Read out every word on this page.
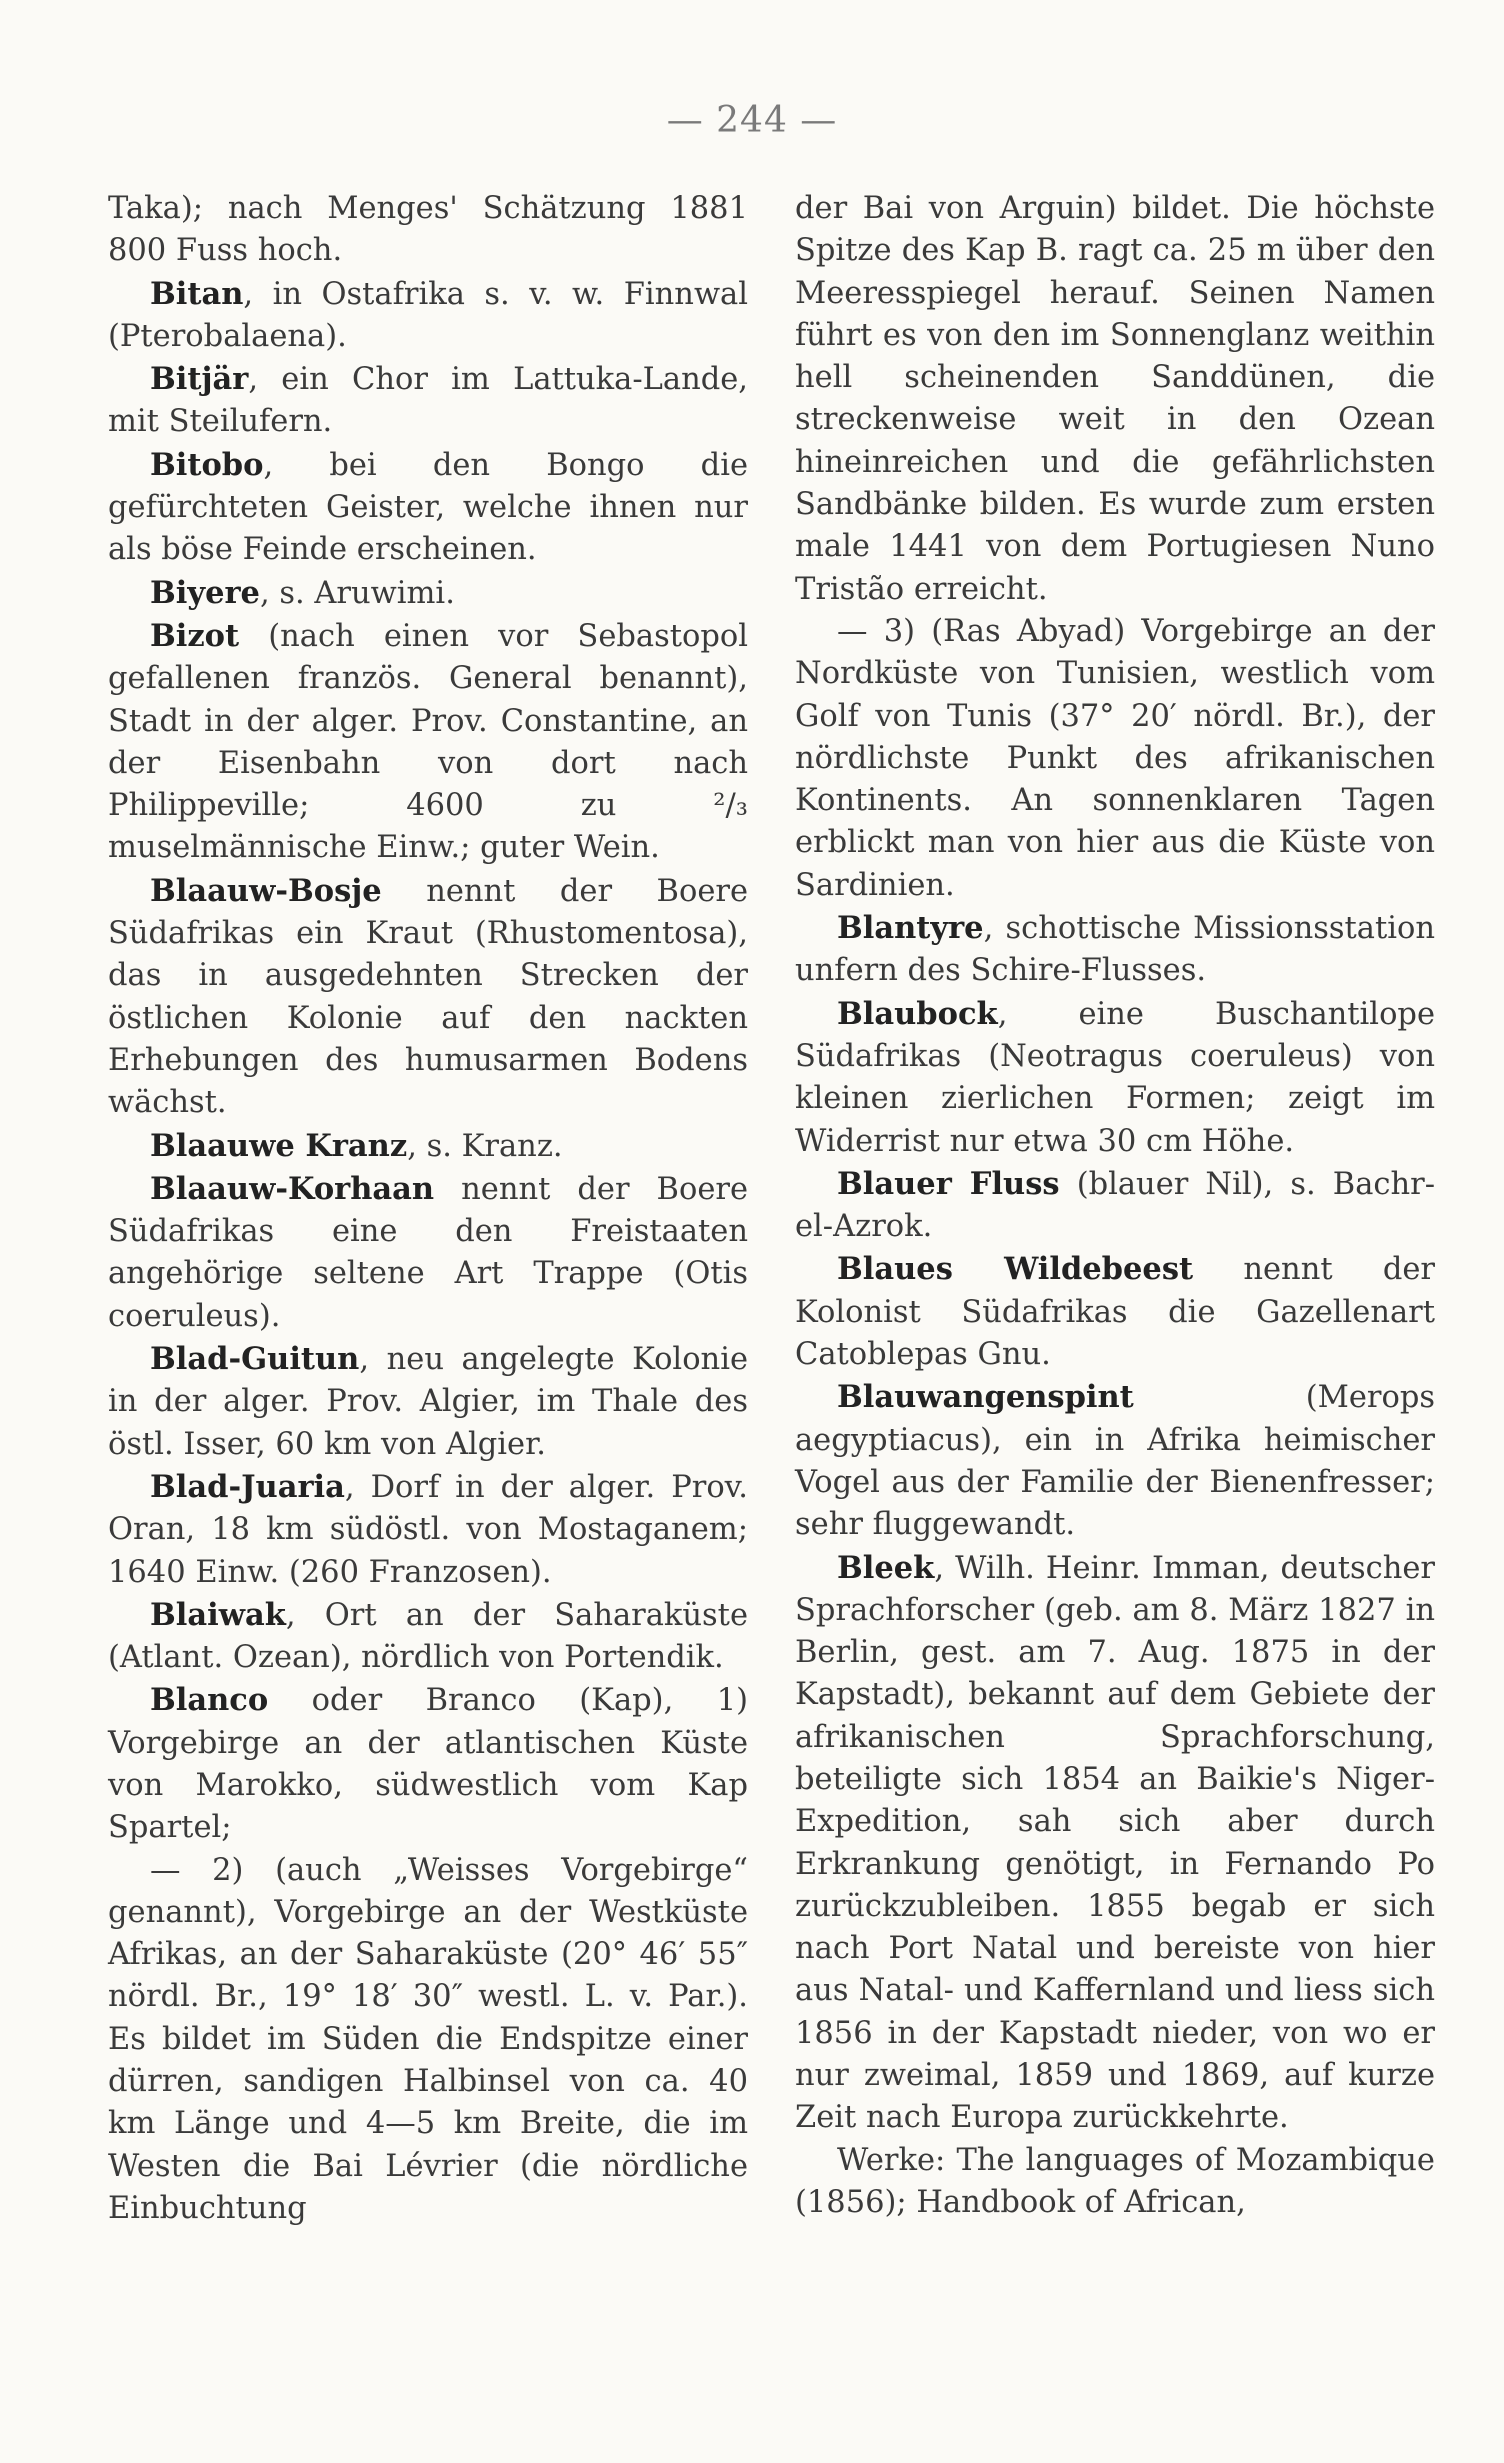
— 244 —

Taka); nach Menges' Schätzung 1881 800 Fuss hoch.

Bitan, in Ostafrika s. v. w. Finnwal (Pterobalaena).

Bitjär, ein Chor im Lattuka-Lande, mit Steilufern.

Bitobo, bei den Bongo die gefürchteten Geister, welche ihnen nur als böse Feinde erscheinen.

Biyere, s. Aruwimi.

Bizot (nach einen vor Sebastopol gefallenen französ. General benannt), Stadt in der alger. Prov. Constantine, an der Eisenbahn von dort nach Philippeville; 4600 zu ²/₃ muselmännische Einw.; guter Wein.

Blaauw-Bosje nennt der Boere Südafrikas ein Kraut (Rhustomentosa), das in ausgedehnten Strecken der östlichen Kolonie auf den nackten Erhebungen des humusarmen Bodens wächst.

Blaauwe Kranz, s. Kranz.

Blaauw-Korhaan nennt der Boere Südafrikas eine den Freistaaten angehörige seltene Art Trappe (Otis coeruleus).

Blad-Guitun, neu angelegte Kolonie in der alger. Prov. Algier, im Thale des östl. Isser, 60 km von Algier.

Blad-Juaria, Dorf in der alger. Prov. Oran, 18 km südöstl. von Mostaganem; 1640 Einw. (260 Franzosen).

Blaiwak, Ort an der Saharaküste (Atlant. Ozean), nördlich von Portendik.

Blanco oder Branco (Kap), 1) Vorgebirge an der atlantischen Küste von Marokko, südwestlich vom Kap Spartel;

— 2) (auch „Weisses Vorgebirge“ genannt), Vorgebirge an der Westküste Afrikas, an der Saharaküste (20° 46′ 55″ nördl. Br., 19° 18′ 30″ westl. L. v. Par.). Es bildet im Süden die Endspitze einer dürren, sandigen Halbinsel von ca. 40 km Länge und 4—5 km Breite, die im Westen die Bai Lévrier (die nördliche Einbuchtung

der Bai von Arguin) bildet. Die höchste Spitze des Kap B. ragt ca. 25 m über den Meeresspiegel herauf. Seinen Namen führt es von den im Sonnenglanz weithin hell scheinenden Sanddünen, die streckenweise weit in den Ozean hineinreichen und die gefährlichsten Sandbänke bilden. Es wurde zum ersten male 1441 von dem Portugiesen Nuno Tristão erreicht.

— 3) (Ras Abyad) Vorgebirge an der Nordküste von Tunisien, westlich vom Golf von Tunis (37° 20′ nördl. Br.), der nördlichste Punkt des afrikanischen Kontinents. An sonnenklaren Tagen erblickt man von hier aus die Küste von Sardinien.

Blantyre, schottische Missionsstation unfern des Schire-Flusses.

Blaubock, eine Buschantilope Südafrikas (Neotragus coeruleus) von kleinen zierlichen Formen; zeigt im Widerrist nur etwa 30 cm Höhe.

Blauer Fluss (blauer Nil), s. Bachr-el-Azrok.

Blaues Wildebeest nennt der Kolonist Südafrikas die Gazellenart Catoblepas Gnu.

Blauwangenspint (Merops aegyptiacus), ein in Afrika heimischer Vogel aus der Familie der Bienenfresser; sehr fluggewandt.

Bleek, Wilh. Heinr. Imman, deutscher Sprachforscher (geb. am 8. März 1827 in Berlin, gest. am 7. Aug. 1875 in der Kapstadt), bekannt auf dem Gebiete der afrikanischen Sprachforschung, beteiligte sich 1854 an Baikie's Niger-Expedition, sah sich aber durch Erkrankung genötigt, in Fernando Po zurückzubleiben. 1855 begab er sich nach Port Natal und bereiste von hier aus Natal- und Kaffernland und liess sich 1856 in der Kapstadt nieder, von wo er nur zweimal, 1859 und 1869, auf kurze Zeit nach Europa zurückkehrte.

Werke: The languages of Mozambique (1856); Handbook of African,
